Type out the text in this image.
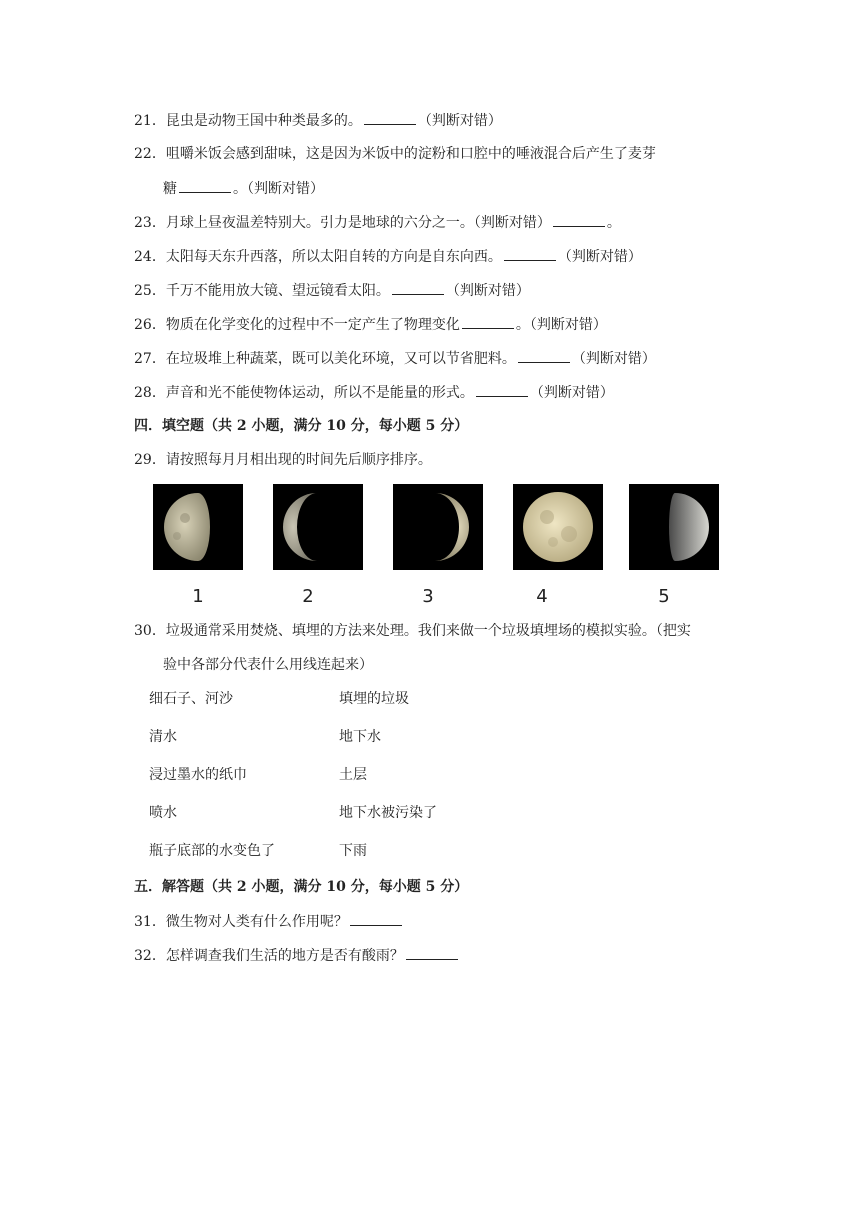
21．昆虫是动物王国中种类最多的。	（判断对错）
22．咀嚼米饭会感到甜味，这是因为米饭中的淀粉和口腔中的唾液混合后产生了麦芽
糖	。（判断对错）
23．月球上昼夜温差特别大。引力是地球的六分之一。（判断对错）	。
24．太阳每天东升西落，所以太阳自转的方向是自东向西。	（判断对错）
25．千万不能用放大镜、望远镜看太阳。	（判断对错）
26．物质在化学变化的过程中不一定产生了物理变化	。（判断对错）
27．在垃圾堆上种蔬菜，既可以美化环境，又可以节省肥料。	（判断对错）
28．声音和光不能使物体运动，所以不是能量的形式。	（判断对错）
四．填空题（共 2 小题，满分 10 分，每小题 5 分）
29．请按照每月月相出现的时间先后顺序排序。
1	2	3	4	5
30．垃圾通常采用焚烧、填埋的方法来处理。我们来做一个垃圾填埋场的模拟实验。（把实
验中各部分代表什么用线连起来）
细石子、河沙	填埋的垃圾
清水	地下水
浸过墨水的纸巾	土层
喷水	地下水被污染了
瓶子底部的水变色了	下雨
五．解答题（共 2 小题，满分 10 分，每小题 5 分）
31．微生物对人类有什么作用呢？
32．怎样调查我们生活的地方是否有酸雨？
